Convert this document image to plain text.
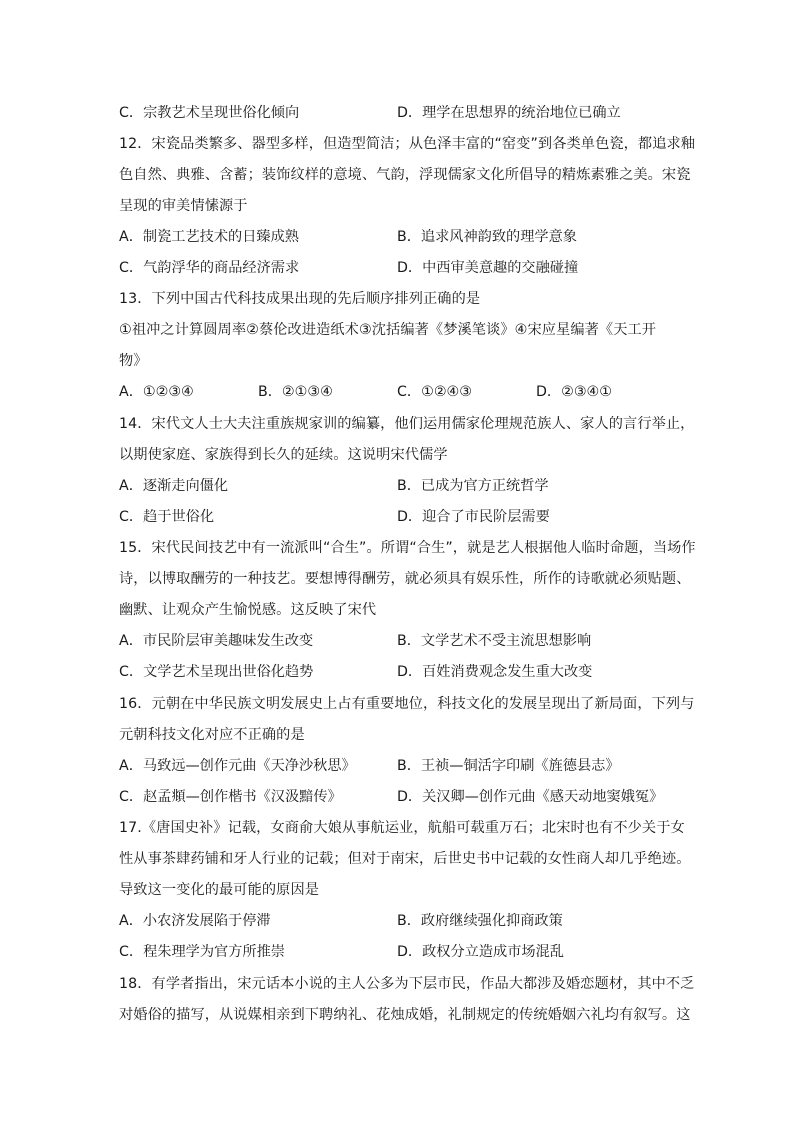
C．宗教艺术呈现世俗化倾向	D．理学在思想界的统治地位已确立
12．宋瓷品类繁多、器型多样，但造型简洁；从色泽丰富的“窑变”到各类单色瓷，都追求釉
色自然、典雅、含蓄；装饰纹样的意境、气韵，浮现儒家文化所倡导的精炼素雅之美。宋瓷
呈现的审美情愫源于
A．制瓷工艺技术的日臻成熟	B．追求风神韵致的理学意象
C．气韵浮华的商品经济需求	D．中西审美意趣的交融碰撞
13．下列中国古代科技成果出现的先后顺序排列正确的是
①祖冲之计算圆周率②蔡伦改进造纸术③沈括编著《梦溪笔谈》④宋应星编著《天工开
物》
A．①②③④	B．②①③④	C．①②④③	D．②③④①
14．宋代文人士大夫注重族规家训的编纂，他们运用儒家伦理规范族人、家人的言行举止，
以期使家庭、家族得到长久的延续。这说明宋代儒学
A．逐渐走向僵化	B．已成为官方正统哲学
C．趋于世俗化	D．迎合了市民阶层需要
15．宋代民间技艺中有一流派叫“合生”。所谓“合生”，就是艺人根据他人临时命题，当场作
诗，以博取酬劳的一种技艺。要想博得酬劳，就必须具有娱乐性，所作的诗歌就必须贴题、
幽默、让观众产生愉悦感。这反映了宋代
A．市民阶层审美趣味发生改变	B．文学艺术不受主流思想影响
C．文学艺术呈现出世俗化趋势	D．百姓消费观念发生重大改变
16．元朝在中华民族文明发展史上占有重要地位，科技文化的发展呈现出了新局面，下列与
元朝科技文化对应不正确的是
A．马致远—创作元曲《天净沙秋思》	B．王祯—铜活字印刷《旌德县志》
C．赵孟頫—创作楷书《汉汲黯传》	D．关汉卿—创作元曲《感天动地窦娥冤》
17.《唐国史补》记载，女商俞大娘从事航运业，航船可载重万石；北宋时也有不少关于女
性从事茶肆药铺和牙人行业的记载；但对于南宋，后世史书中记载的女性商人却几乎绝迹。
导致这一变化的最可能的原因是
A．小农济发展陷于停滞	B．政府继续强化抑商政策
C．程朱理学为官方所推崇	D．政权分立造成市场混乱
18．有学者指出，宋元话本小说的主人公多为下层市民，作品大都涉及婚恋题材，其中不乏
对婚俗的描写，从说媒相亲到下聘纳礼、花烛成婚，礼制规定的传统婚姻六礼均有叙写。这
